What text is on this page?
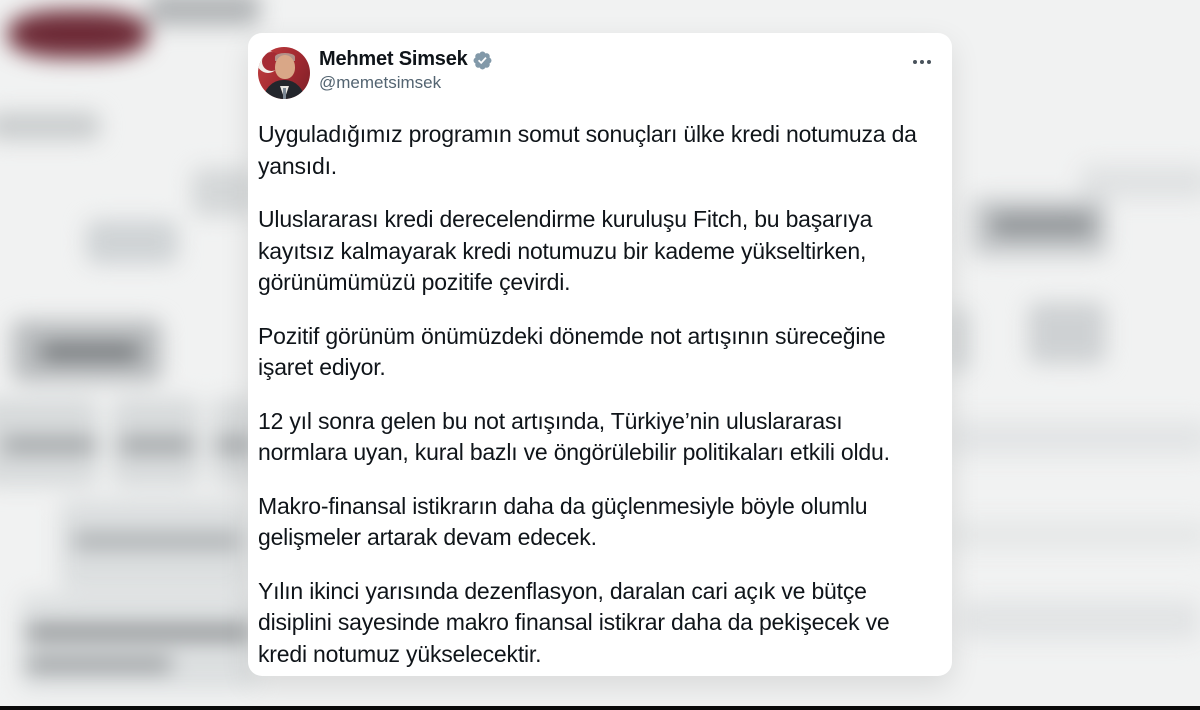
Mehmet Simsek
@memetsimsek

Uyguladığımız programın somut sonuçları ülke kredi notumuza da yansıdı.

Uluslararası kredi derecelendirme kuruluşu Fitch, bu başarıya kayıtsız kalmayarak kredi notumuzu bir kademe yükseltirken, görünümümüzü pozitife çevirdi.

Pozitif görünüm önümüzdeki dönemde not artışının süreceğine işaret ediyor.

12 yıl sonra gelen bu not artışında, Türkiye’nin uluslararası normlara uyan, kural bazlı ve öngörülebilir politikaları etkili oldu.

Makro-finansal istikrarın daha da güçlenmesiyle böyle olumlu gelişmeler artarak devam edecek.

Yılın ikinci yarısında dezenflasyon, daralan cari açık ve bütçe disiplini sayesinde makro finansal istikrar daha da pekişecek ve kredi notumuz yükselecektir.
